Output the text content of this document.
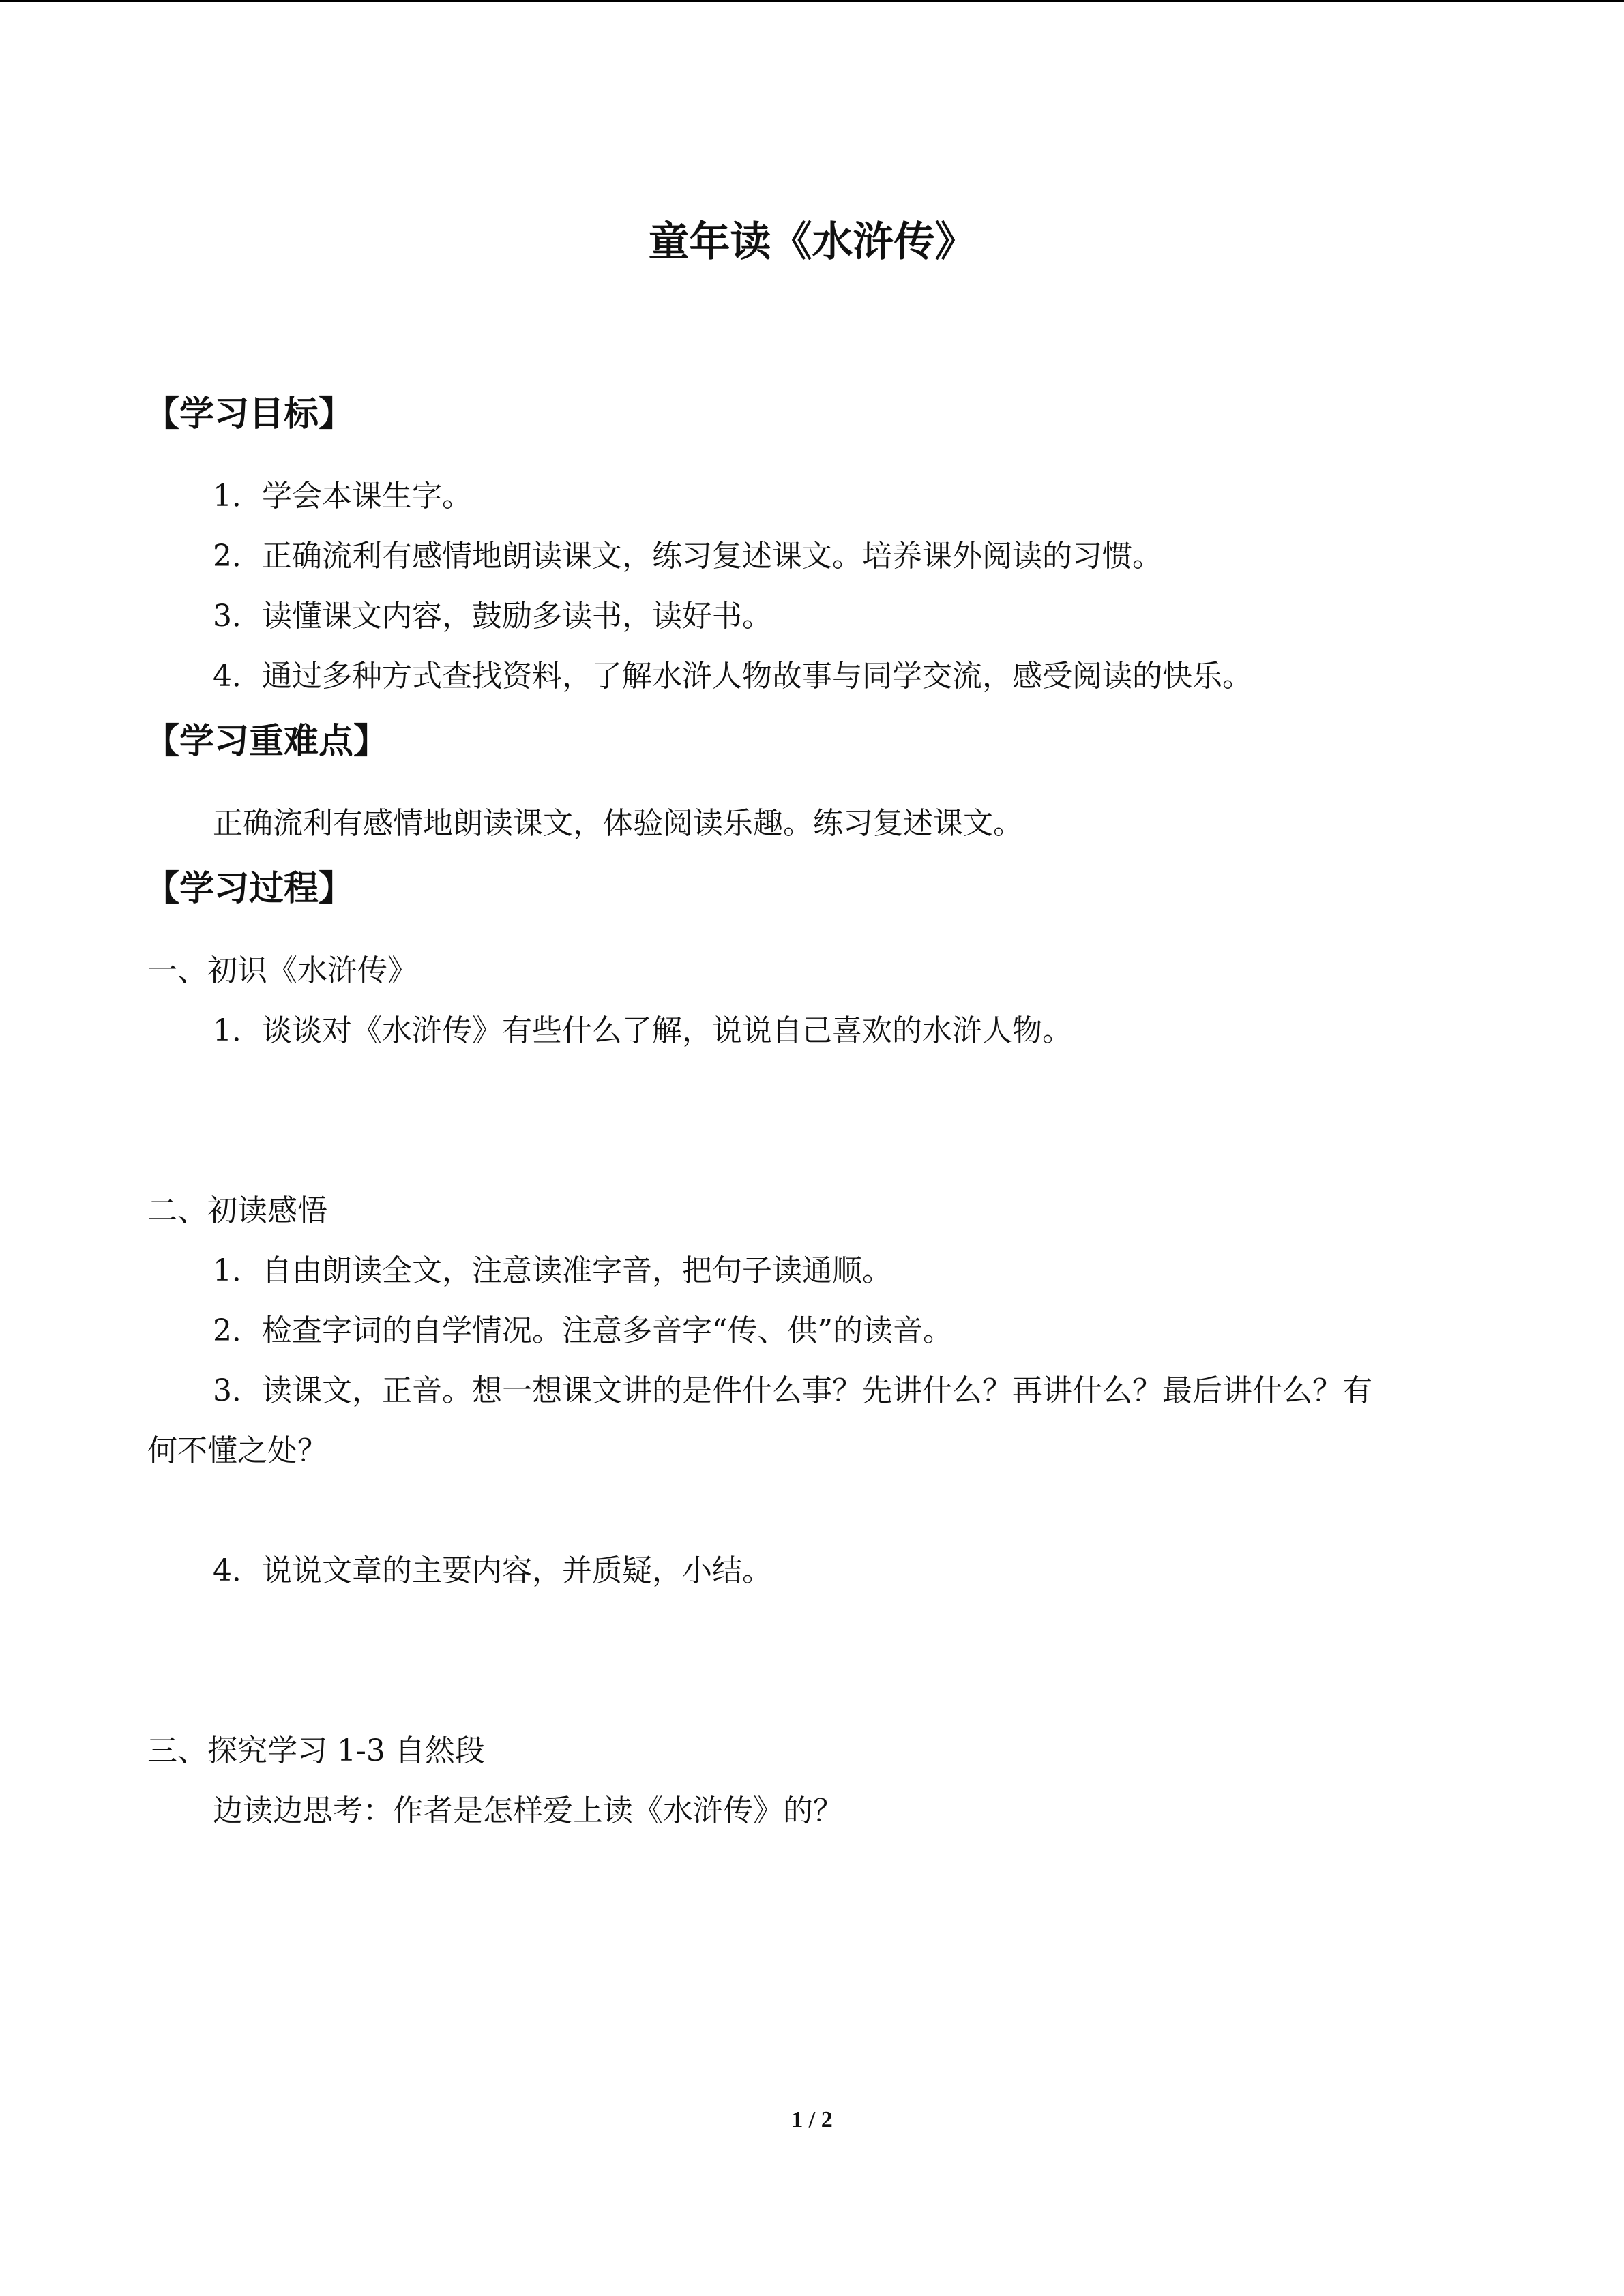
童年读《水浒传》
【学习目标】
1．学会本课生字。
2．正确流利有感情地朗读课文，练习复述课文。培养课外阅读的习惯。
3．读懂课文内容，鼓励多读书，读好书。
4．通过多种方式查找资料，了解水浒人物故事与同学交流，感受阅读的快乐。
【学习重难点】
正确流利有感情地朗读课文，体验阅读乐趣。练习复述课文。
【学习过程】
一、初识《水浒传》
1．谈谈对《水浒传》有些什么了解，说说自己喜欢的水浒人物。
二、初读感悟
1．自由朗读全文，注意读准字音，把句子读通顺。
2．检查字词的自学情况。注意多音字“传、供”的读音。
3．读课文，正音。想一想课文讲的是件什么事？先讲什么？再讲什么？最后讲什么？有
何不懂之处？
4．说说文章的主要内容，并质疑，小结。
三、探究学习 1-3 自然段
边读边思考：作者是怎样爱上读《水浒传》的？
1 / 2
